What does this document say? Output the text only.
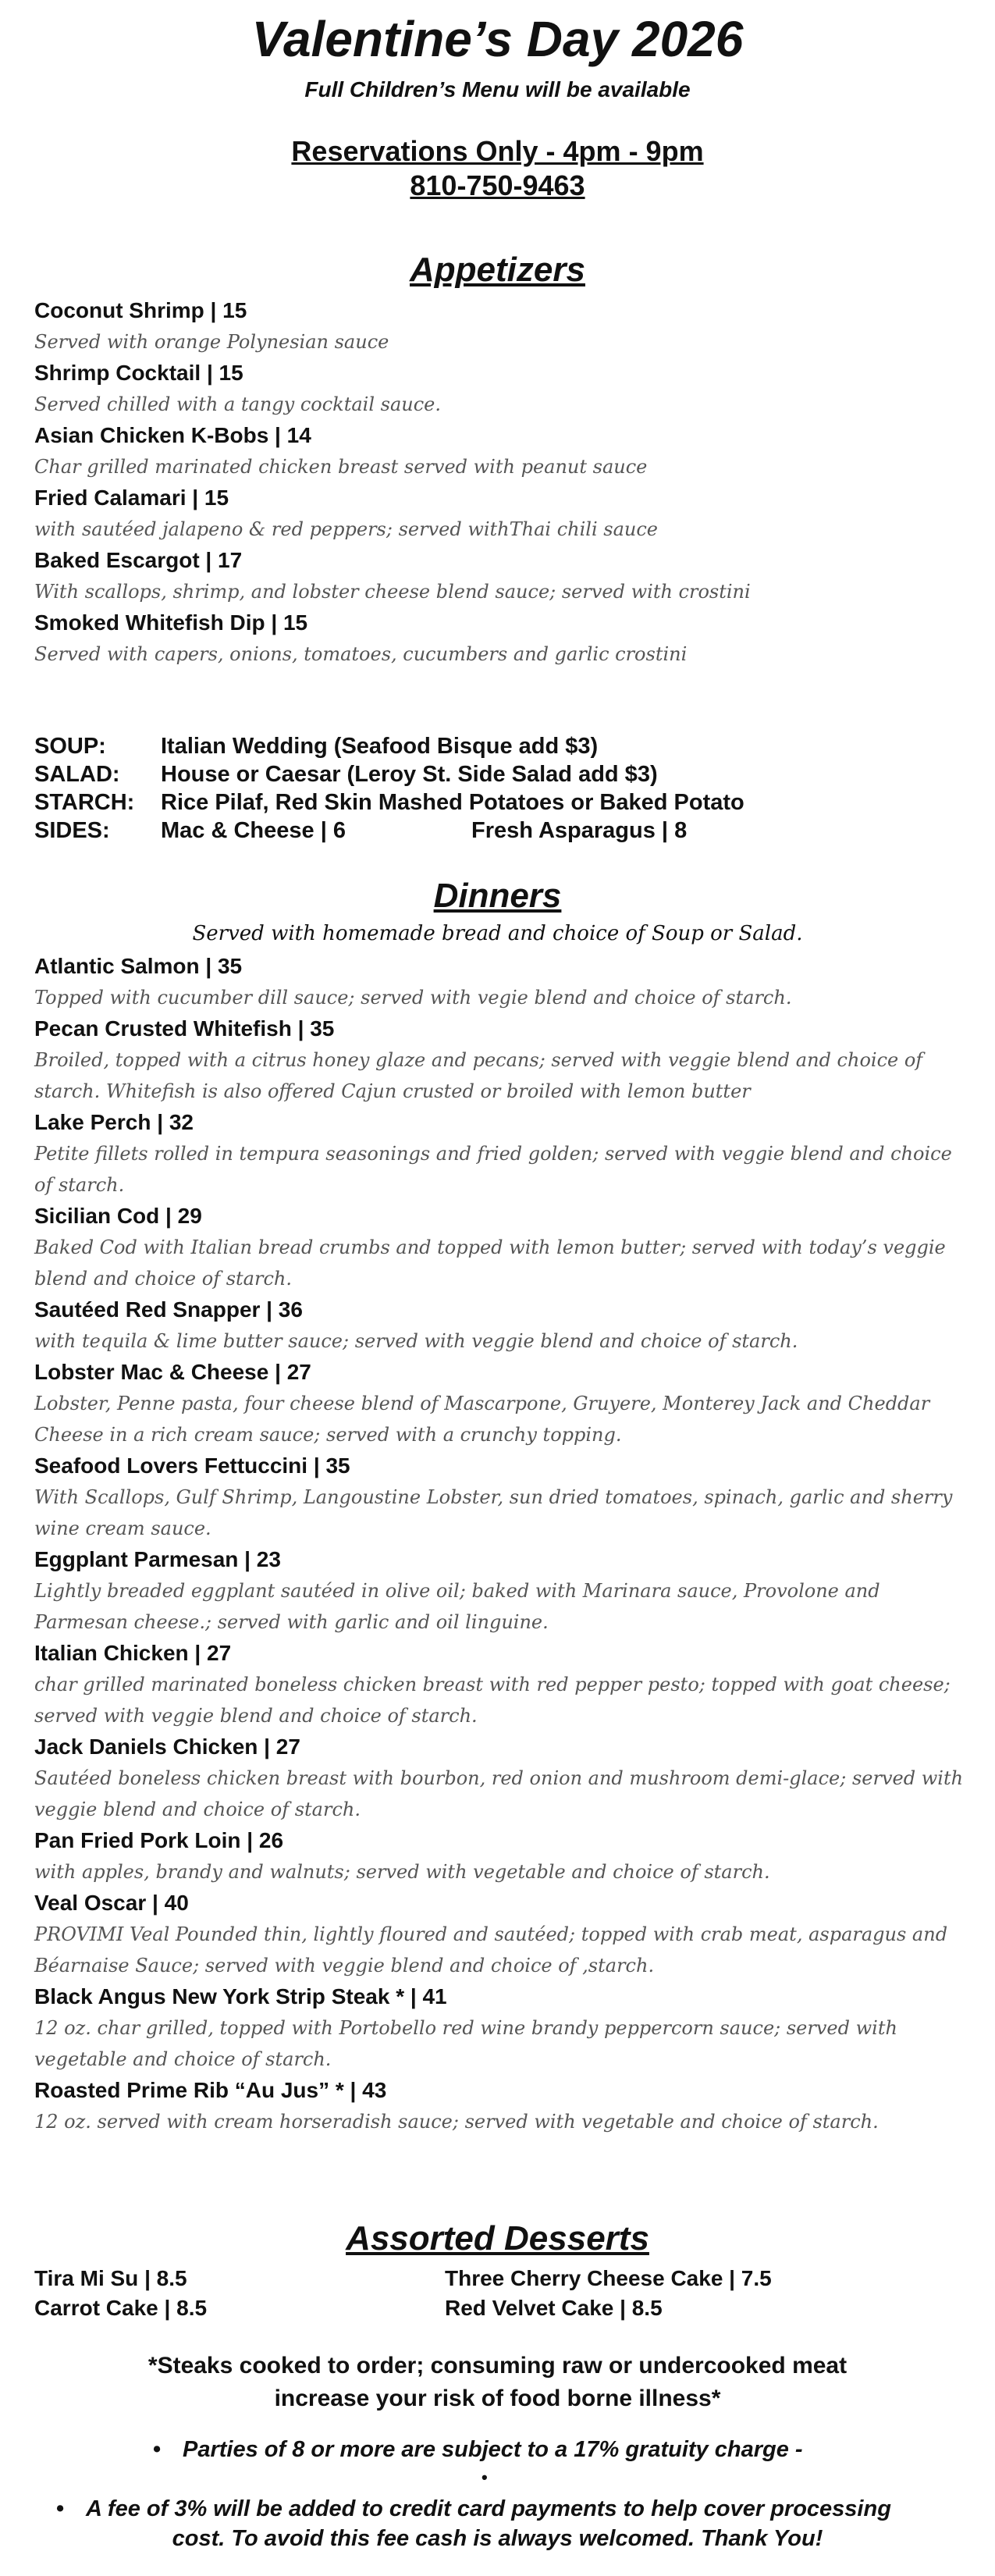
Valentine’s Day 2026
Full Children’s Menu will be available
Reservations Only - 4pm - 9pm
810-750-9463
Appetizers
Coconut Shrimp | 15
Served with orange Polynesian sauce
Shrimp Cocktail | 15
Served chilled with a tangy cocktail sauce.
Asian Chicken K-Bobs | 14
Char grilled marinated chicken breast served with peanut sauce
Fried Calamari | 15
with sautéed jalapeno & red peppers; served withThai chili sauce
Baked Escargot | 17
With scallops, shrimp, and lobster cheese blend sauce; served with crostini
Smoked Whitefish Dip | 15
Served with capers, onions, tomatoes, cucumbers and garlic crostini
SOUP: Italian Wedding (Seafood Bisque add $3)
SALAD: House or Caesar (Leroy St. Side Salad add $3)
STARCH: Rice Pilaf, Red Skin Mashed Potatoes or Baked Potato
SIDES: Mac & Cheese | 6	Fresh Asparagus | 8
Dinners
Served with homemade bread and choice of Soup or Salad.
Atlantic Salmon | 35
Topped with cucumber dill sauce; served with vegie blend and choice of starch.
Pecan Crusted Whitefish | 35
Broiled, topped with a citrus honey glaze and pecans; served with veggie blend and choice of starch. Whitefish is also offered Cajun crusted or broiled with lemon butter
Lake Perch | 32
Petite fillets rolled in tempura seasonings and fried golden; served with veggie blend and choice of starch.
Sicilian Cod | 29
Baked Cod with Italian bread crumbs and topped with lemon butter; served with today’s veggie blend and choice of starch.
Sautéed Red Snapper | 36
with tequila & lime butter sauce; served with veggie blend and choice of starch.
Lobster Mac & Cheese | 27
Lobster, Penne pasta, four cheese blend of Mascarpone, Gruyere, Monterey Jack and Cheddar Cheese in a rich cream sauce; served with a crunchy topping.
Seafood Lovers Fettuccini | 35
With Scallops, Gulf Shrimp, Langoustine Lobster, sun dried tomatoes, spinach, garlic and sherry wine cream sauce.
Eggplant Parmesan | 23
Lightly breaded eggplant sautéed in olive oil; baked with Marinara sauce, Provolone and Parmesan cheese.; served with garlic and oil linguine.
Italian Chicken | 27
char grilled marinated boneless chicken breast with red pepper pesto; topped with goat cheese; served with veggie blend and choice of starch.
Jack Daniels Chicken | 27
Sautéed boneless chicken breast with bourbon, red onion and mushroom demi-glace; served with veggie blend and choice of starch.
Pan Fried Pork Loin | 26
with apples, brandy and walnuts; served with vegetable and choice of starch.
Veal Oscar | 40
PROVIMI Veal Pounded thin, lightly floured and sautéed; topped with crab meat, asparagus and Béarnaise Sauce; served with veggie blend and choice of ,starch.
Black Angus New York Strip Steak * | 41
12 oz. char grilled, topped with Portobello red wine brandy peppercorn sauce; served with vegetable and choice of starch.
Roasted Prime Rib “Au Jus” * | 43
12 oz. served with cream horseradish sauce; served with vegetable and choice of starch.
Assorted Desserts
Tira Mi Su | 8.5	Three Cherry Cheese Cake | 7.5
Carrot Cake | 8.5	Red Velvet Cake | 8.5
*Steaks cooked to order; consuming raw or undercooked meat
increase your risk of food borne illness*
• Parties of 8 or more are subject to a 17% gratuity charge -
•
• A fee of 3% will be added to credit card payments to help cover processing
cost. To avoid this fee cash is always welcomed. Thank You!
